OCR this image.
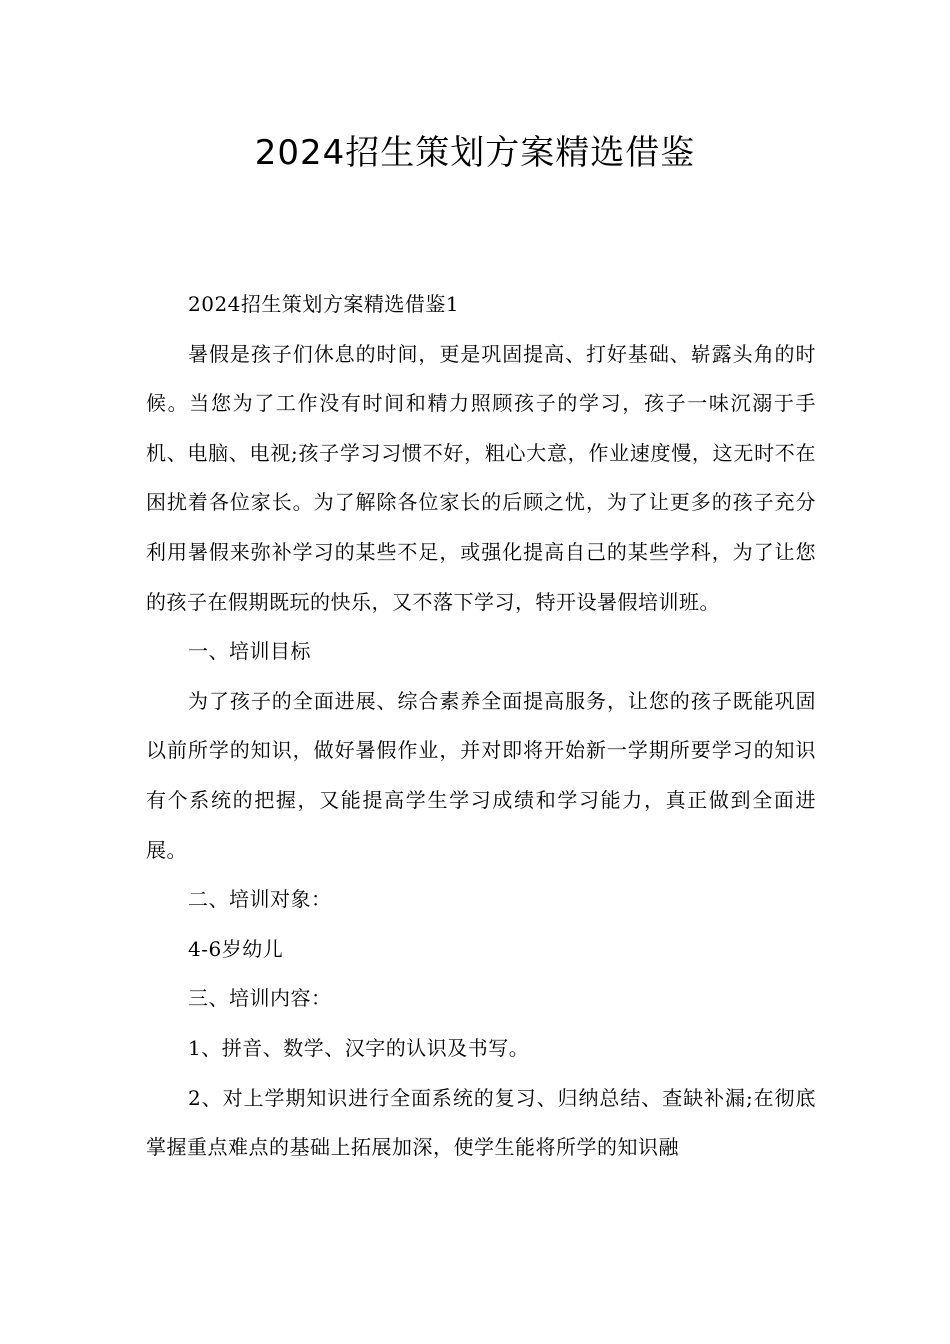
2024招生策划方案精选借鉴

2024招生策划方案精选借鉴1

暑假是孩子们休息的时间，更是巩固提高、打好基础、崭露头角的时候。当您为了工作没有时间和精力照顾孩子的学习，孩子一味沉溺于手机、电脑、电视;孩子学习习惯不好，粗心大意，作业速度慢，这无时不在困扰着各位家长。为了解除各位家长的后顾之忧，为了让更多的孩子充分利用暑假来弥补学习的某些不足，或强化提高自己的某些学科，为了让您的孩子在假期既玩的快乐，又不落下学习，特开设暑假培训班。

一、培训目标

为了孩子的全面进展、综合素养全面提高服务，让您的孩子既能巩固以前所学的知识，做好暑假作业，并对即将开始新一学期所要学习的知识有个系统的把握，又能提高学生学习成绩和学习能力，真正做到全面进展。

二、培训对象：

4-6岁幼儿

三、培训内容：

1、拼音、数学、汉字的认识及书写。

2、对上学期知识进行全面系统的复习、归纳总结、查缺补漏;在彻底掌握重点难点的基础上拓展加深，使学生能将所学的知识融
